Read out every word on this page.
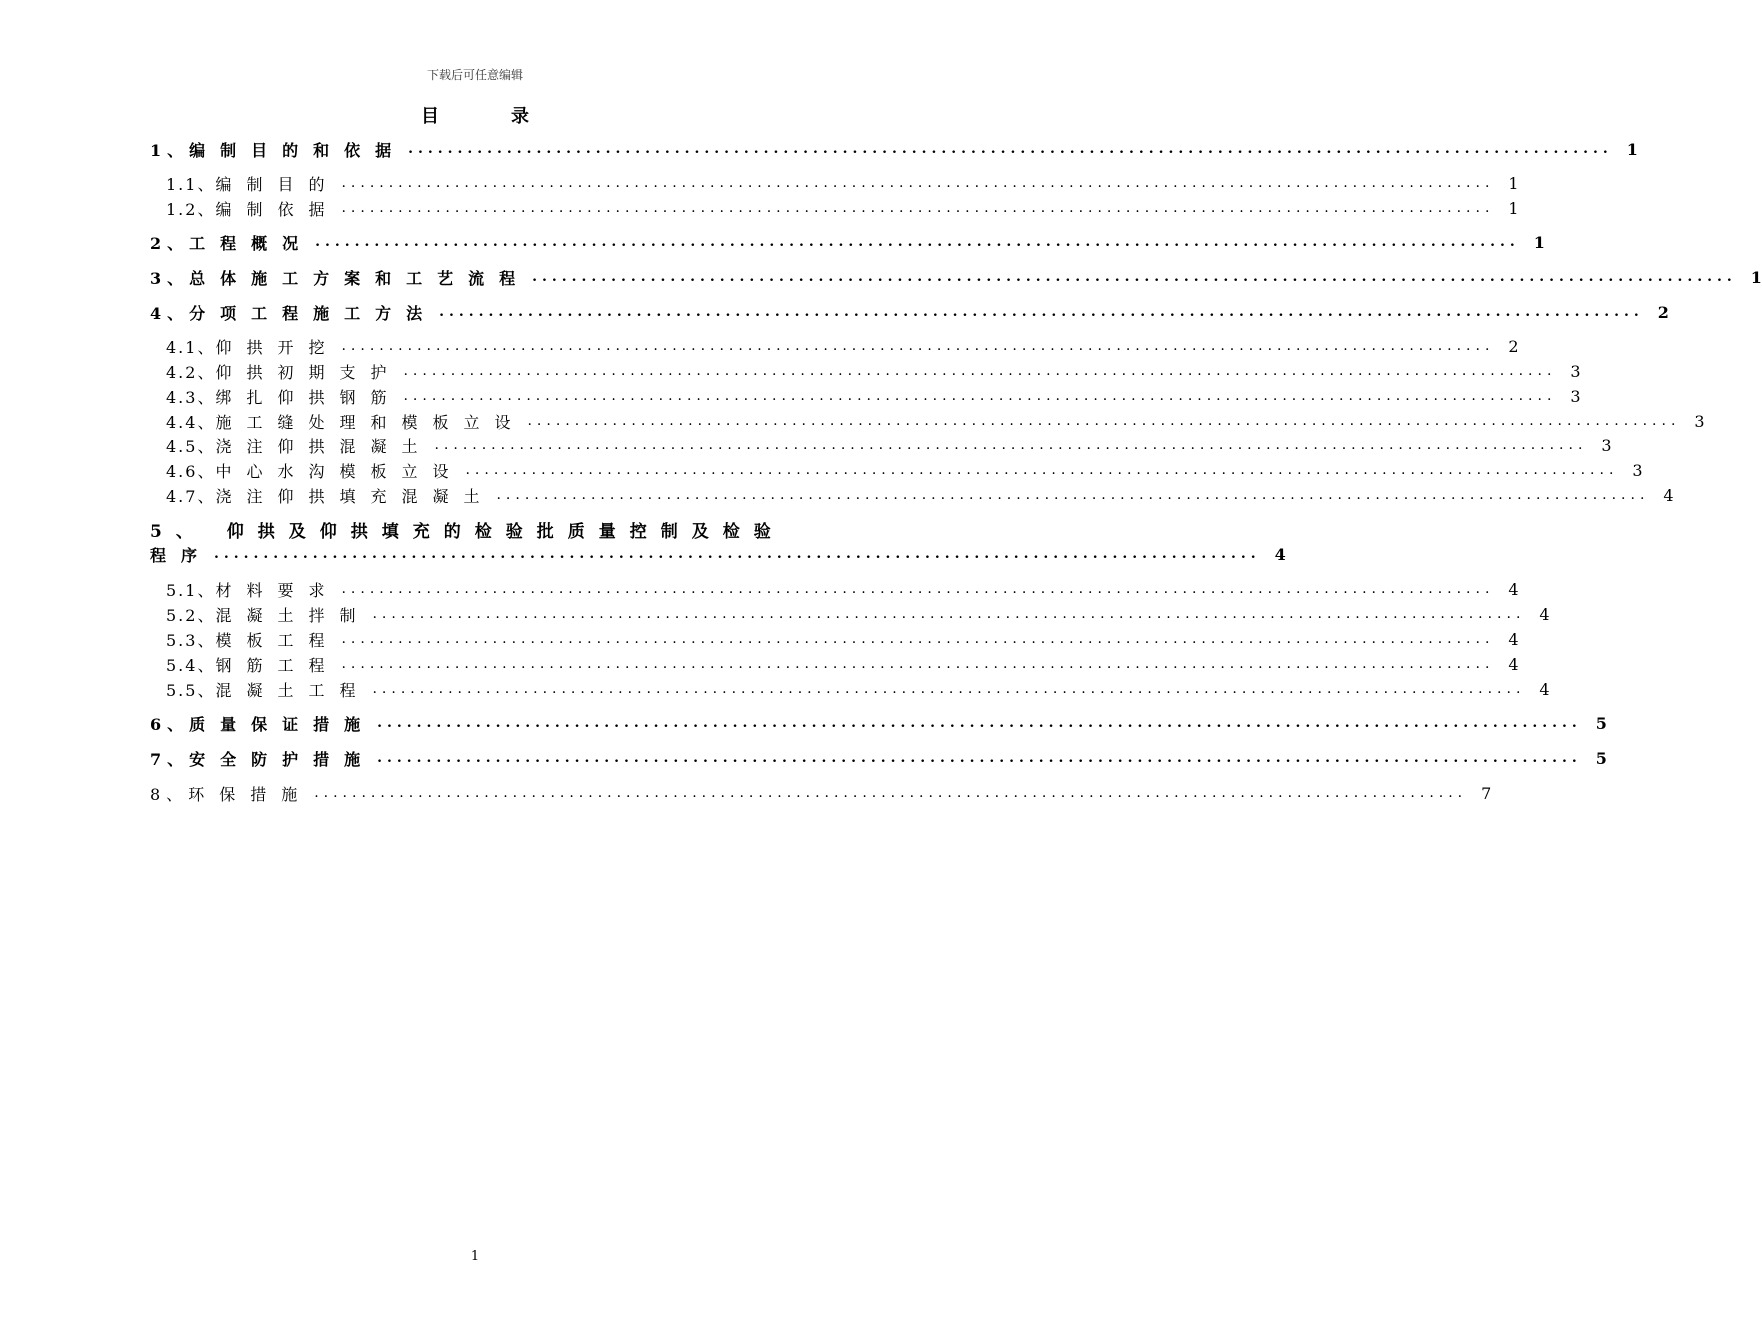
下载后可任意编辑
目录
5、 仰拱及仰拱填充的检验批质量控制及检验
程序 .......................................................................................................... 4
1、 编制目的和依据 .......................................................................................................................... 1
1.1、 编制目的 .......................................................................................................................... 1
1.2、 编制依据 .......................................................................................................................... 1
2、 工程概况 .......................................................................................................................... 1
3、 总体施工方案和工艺流程 .......................................................................................................................... 1
4、 分项工程施工方法 .......................................................................................................................... 2
4.1、 仰拱开挖 .......................................................................................................................... 2
4.2、 仰拱初期支护 .......................................................................................................................... 3
4.3、 绑扎仰拱钢筋 .......................................................................................................................... 3
4.4、 施工缝处理和模板立设 .......................................................................................................................... 3
4.5、 浇注仰拱混凝土 .......................................................................................................................... 3
4.6、 中心水沟模板立设 .......................................................................................................................... 3
4.7、 浇注仰拱填充混凝土 .......................................................................................................................... 4
5.1、 材料要求 .......................................................................................................................... 4
5.2、 混凝土拌制 .......................................................................................................................... 4
5.3、 模板工程 .......................................................................................................................... 4
5.4、 钢筋工程 .......................................................................................................................... 4
5.5、 混凝土工程 .......................................................................................................................... 4
6、 质量保证措施 .......................................................................................................................... 5
7、 安全防护措施 .......................................................................................................................... 5
8、 环保措施 .......................................................................................................................... 7
1
